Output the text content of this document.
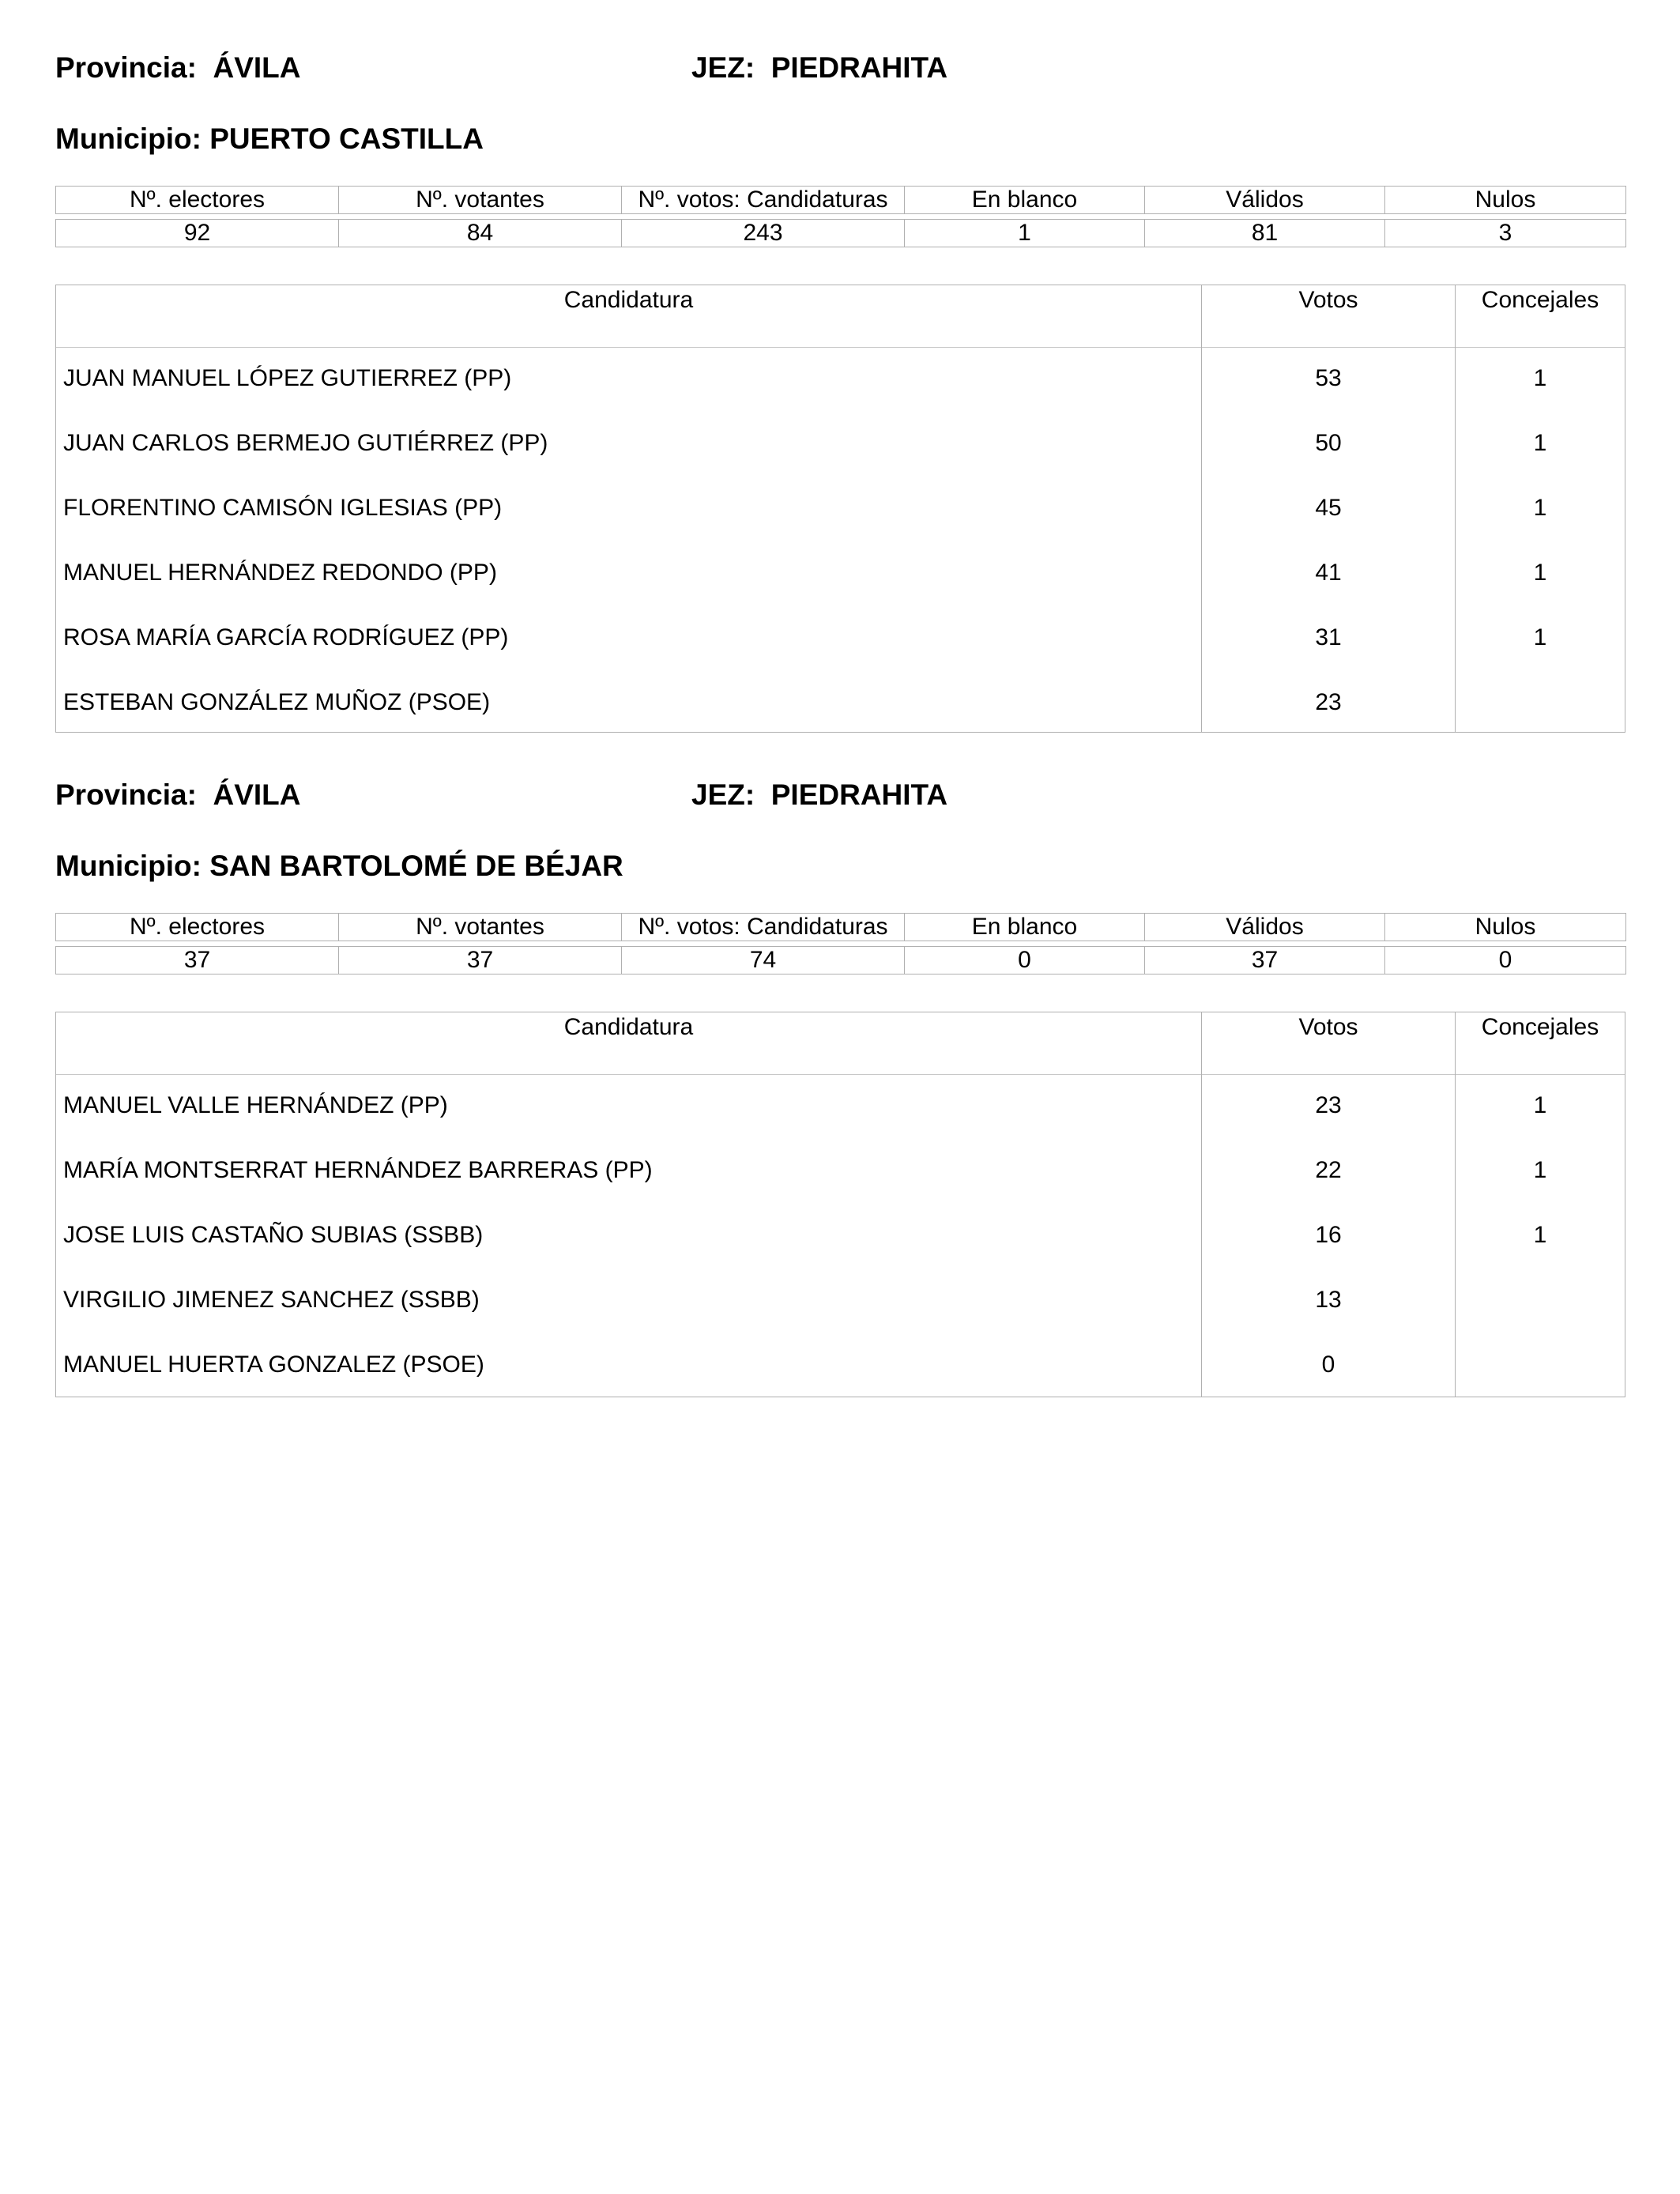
Provincia: ÁVILA	JEZ: PIEDRAHITA
Municipio: PUERTO CASTILLA
Nº. electores	Nº. votantes	Nº. votos: Candidaturas	En blanco	Válidos	Nulos

92	84	243	1	81	3
Candidatura	Votos	Concejales
JUAN MANUEL LÓPEZ GUTIERREZ (PP)	53	1
JUAN CARLOS BERMEJO GUTIÉRREZ (PP)	50	1
FLORENTINO CAMISÓN IGLESIAS (PP)	45	1
MANUEL HERNÁNDEZ REDONDO (PP)	41	1
ROSA MARÍA GARCÍA RODRÍGUEZ (PP)	31	1
ESTEBAN GONZÁLEZ MUÑOZ (PSOE)	23
Provincia: ÁVILA	JEZ: PIEDRAHITA
Municipio: SAN BARTOLOMÉ DE BÉJAR
Nº. electores	Nº. votantes	Nº. votos: Candidaturas	En blanco	Válidos	Nulos

37	37	74	0	37	0
Candidatura	Votos	Concejales
MANUEL VALLE HERNÁNDEZ (PP)	23	1
MARÍA MONTSERRAT HERNÁNDEZ BARRERAS (PP)	22	1
JOSE LUIS CASTAÑO SUBIAS (SSBB)	16	1
VIRGILIO JIMENEZ SANCHEZ (SSBB)	13
MANUEL HUERTA GONZALEZ (PSOE)	0
